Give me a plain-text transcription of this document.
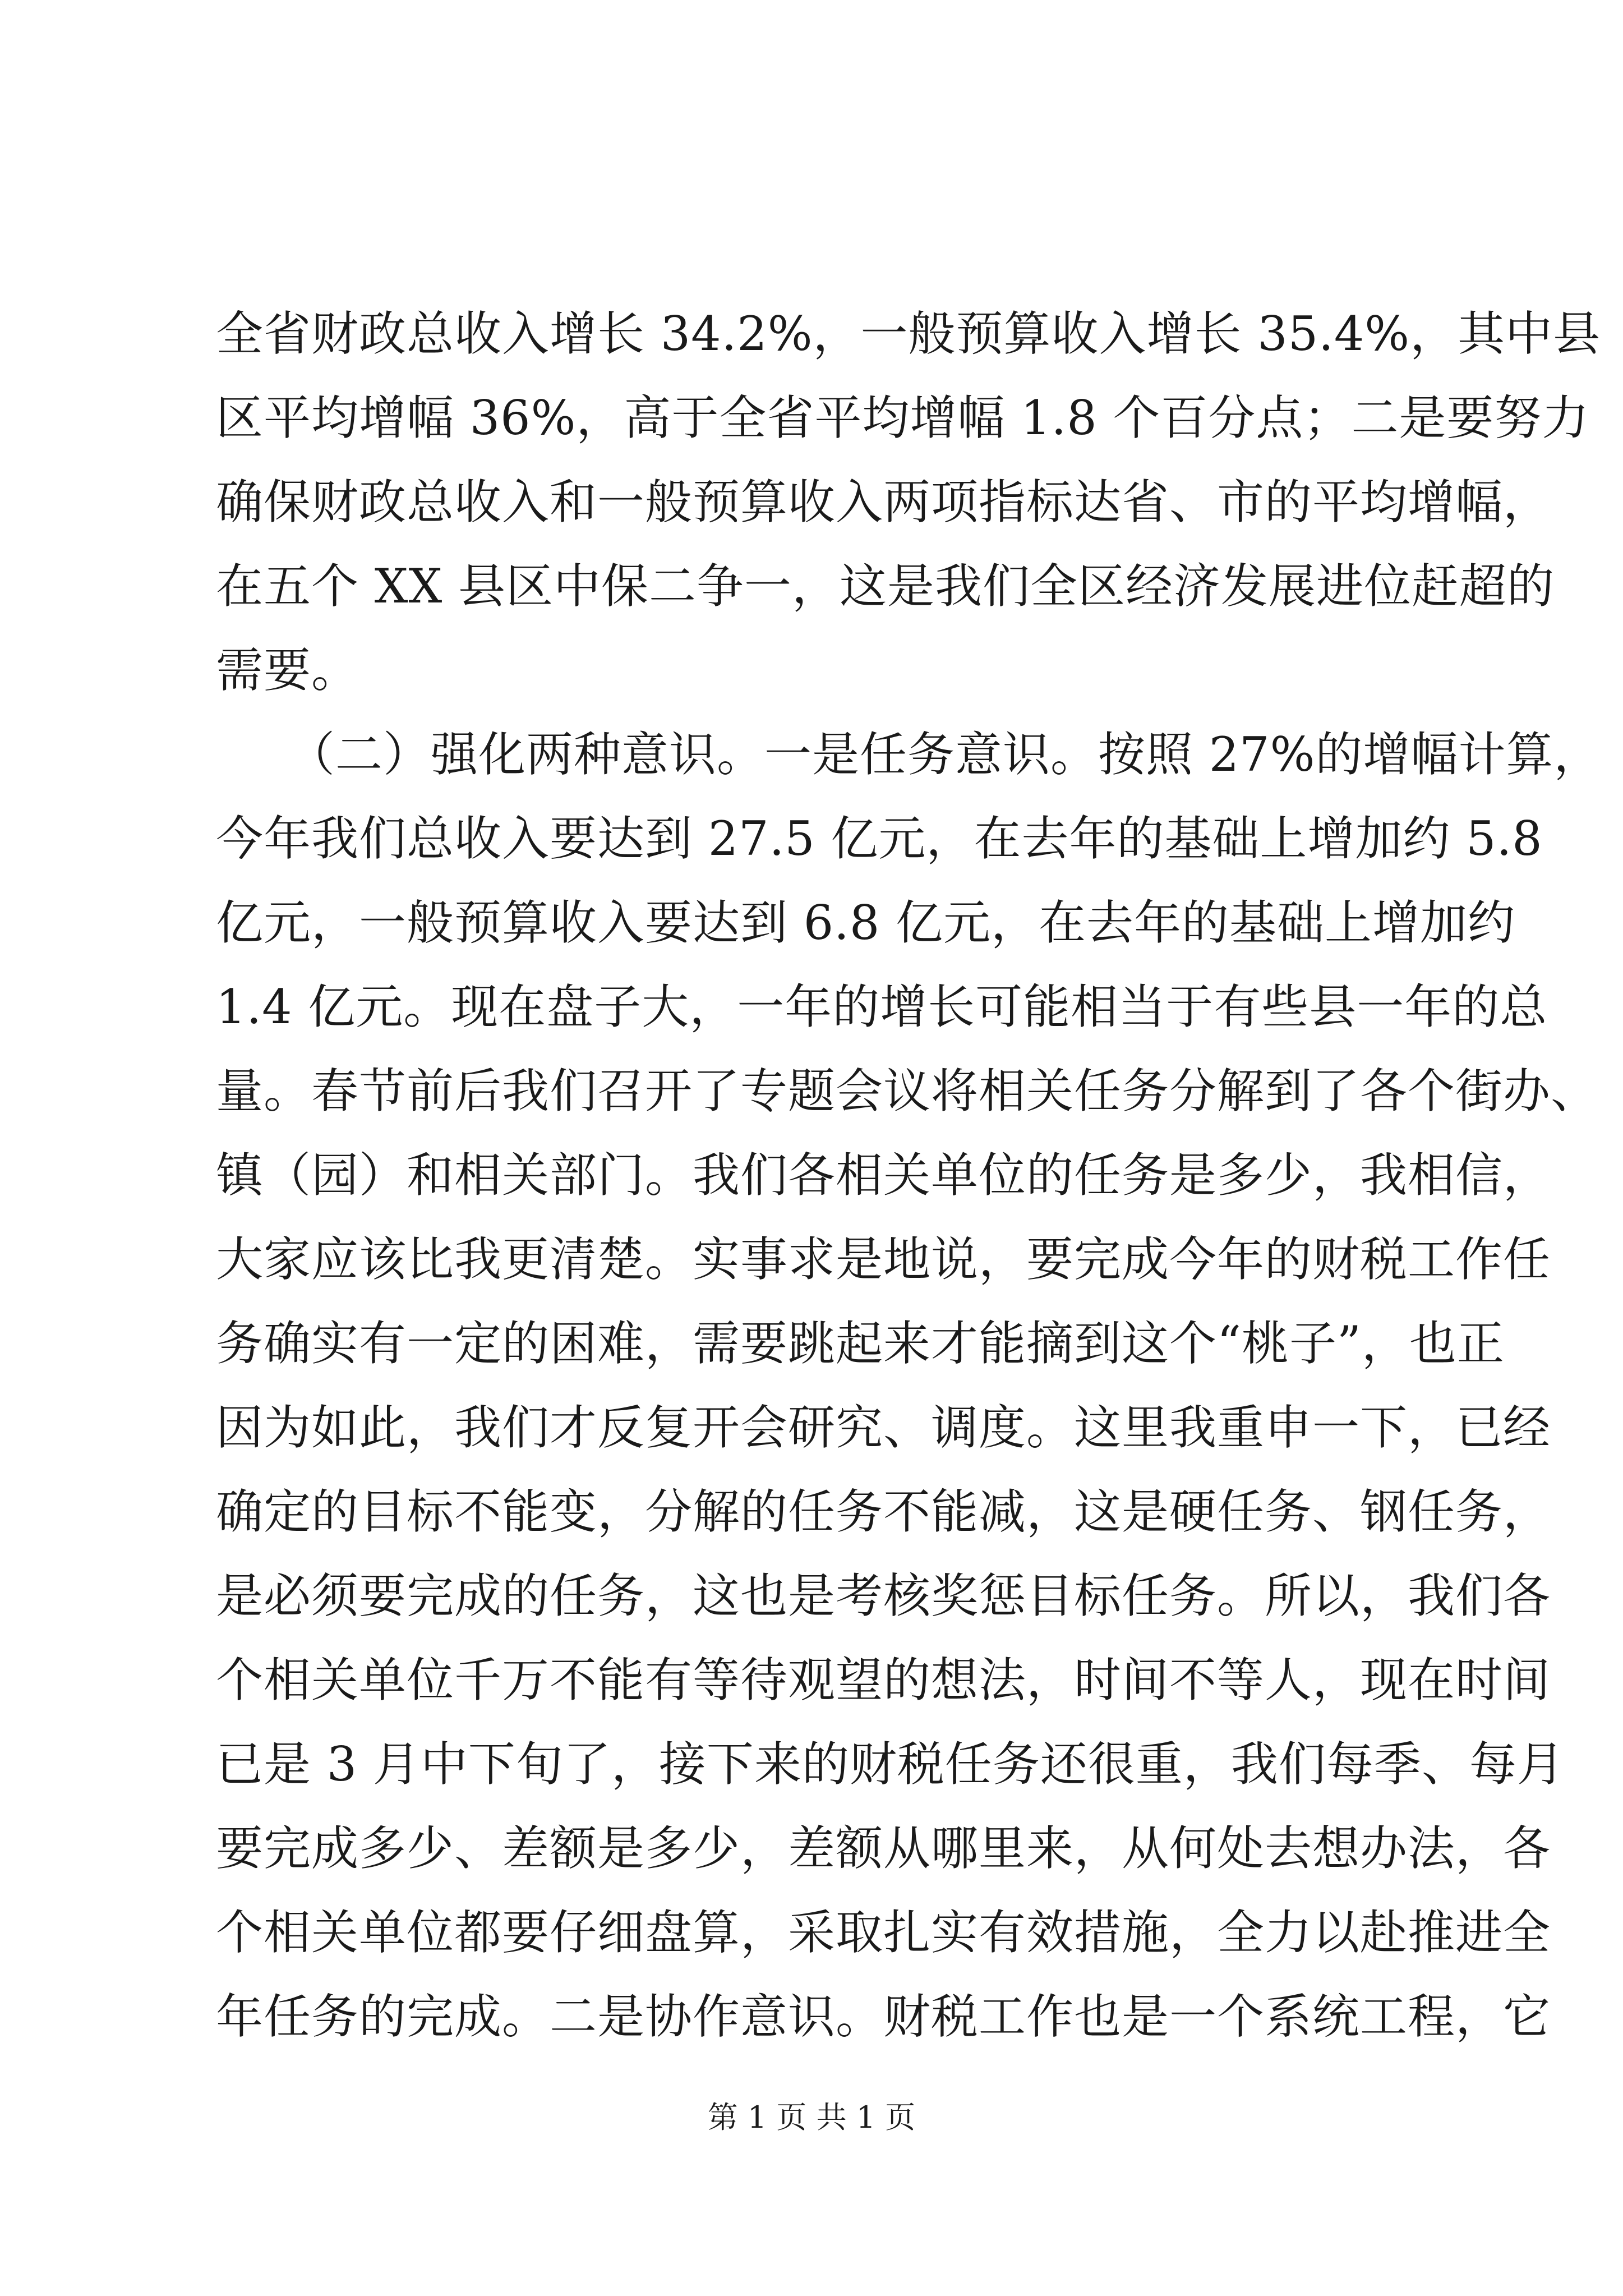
全省财政总收入增长 34.2%，一般预算收入增长 35.4%，其中县
区平均增幅 36%，高于全省平均增幅 1.8 个百分点；二是要努力
确保财政总收入和一般预算收入两项指标达省、市的平均增幅，
在五个 XX 县区中保二争一，这是我们全区经济发展进位赶超的
需要。
　　（二）强化两种意识。一是任务意识。按照 27%的增幅计算，
今年我们总收入要达到 27.5 亿元，在去年的基础上增加约 5.8
亿元，一般预算收入要达到 6.8 亿元，在去年的基础上增加约
1.4 亿元。现在盘子大，一年的增长可能相当于有些县一年的总
量。春节前后我们召开了专题会议将相关任务分解到了各个街办、
镇（园）和相关部门。我们各相关单位的任务是多少，我相信，
大家应该比我更清楚。实事求是地说，要完成今年的财税工作任
务确实有一定的困难，需要跳起来才能摘到这个“桃子”，也正
因为如此，我们才反复开会研究、调度。这里我重申一下，已经
确定的目标不能变，分解的任务不能减，这是硬任务、钢任务，
是必须要完成的任务，这也是考核奖惩目标任务。所以，我们各
个相关单位千万不能有等待观望的想法，时间不等人，现在时间
已是 3 月中下旬了，接下来的财税任务还很重，我们每季、每月
要完成多少、差额是多少，差额从哪里来，从何处去想办法，各
个相关单位都要仔细盘算，采取扎实有效措施，全力以赴推进全
年任务的完成。二是协作意识。财税工作也是一个系统工程，它
第 1 页 共 1 页
